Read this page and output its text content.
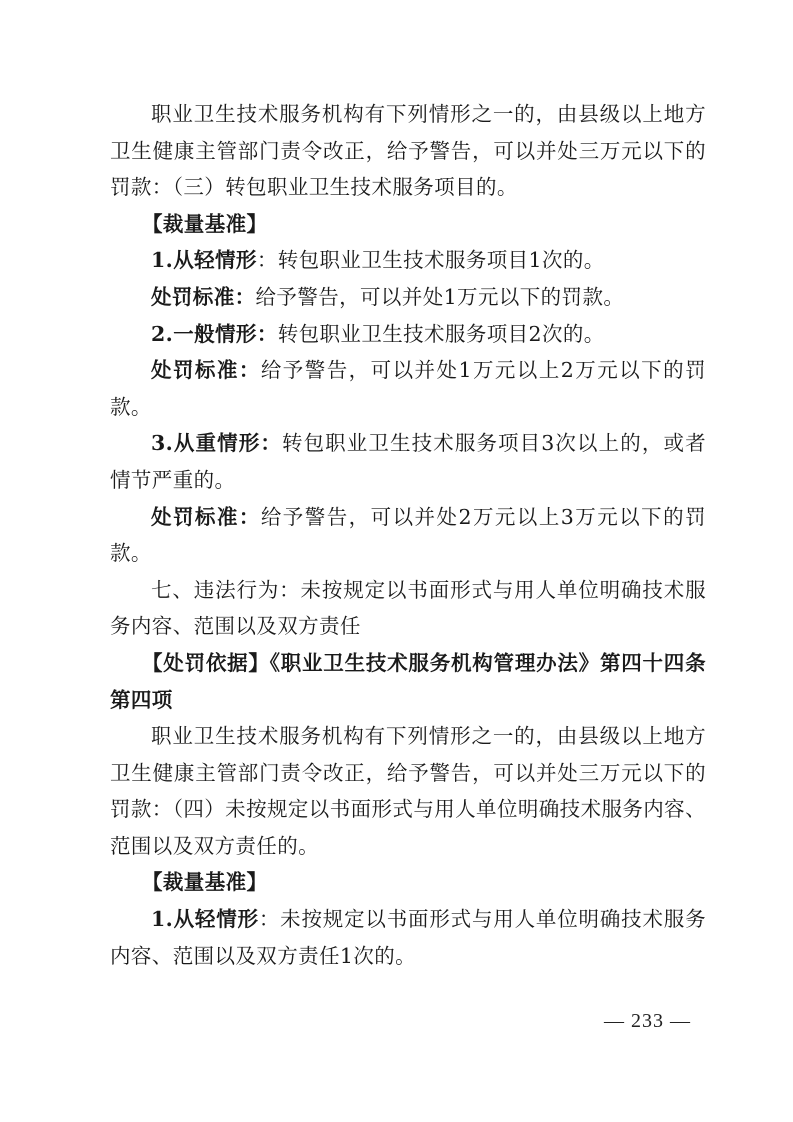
职业卫生技术服务机构有下列情形之一的，由县级以上地方卫生健康主管部门责令改正，给予警告，可以并处三万元以下的罚款：（三）转包职业卫生技术服务项目的。

【裁量基准】

1.从轻情形：转包职业卫生技术服务项目1次的。

处罚标准：给予警告，可以并处1万元以下的罚款。

2.一般情形：转包职业卫生技术服务项目2次的。

处罚标准：给予警告，可以并处1万元以上2万元以下的罚款。

3.从重情形：转包职业卫生技术服务项目3次以上的，或者情节严重的。

处罚标准：给予警告，可以并处2万元以上3万元以下的罚款。

七、违法行为：未按规定以书面形式与用人单位明确技术服务内容、范围以及双方责任

【处罚依据】《职业卫生技术服务机构管理办法》第四十四条第四项

职业卫生技术服务机构有下列情形之一的，由县级以上地方卫生健康主管部门责令改正，给予警告，可以并处三万元以下的罚款：（四）未按规定以书面形式与用人单位明确技术服务内容、范围以及双方责任的。

【裁量基准】

1.从轻情形：未按规定以书面形式与用人单位明确技术服务内容、范围以及双方责任1次的。

— 233 —
